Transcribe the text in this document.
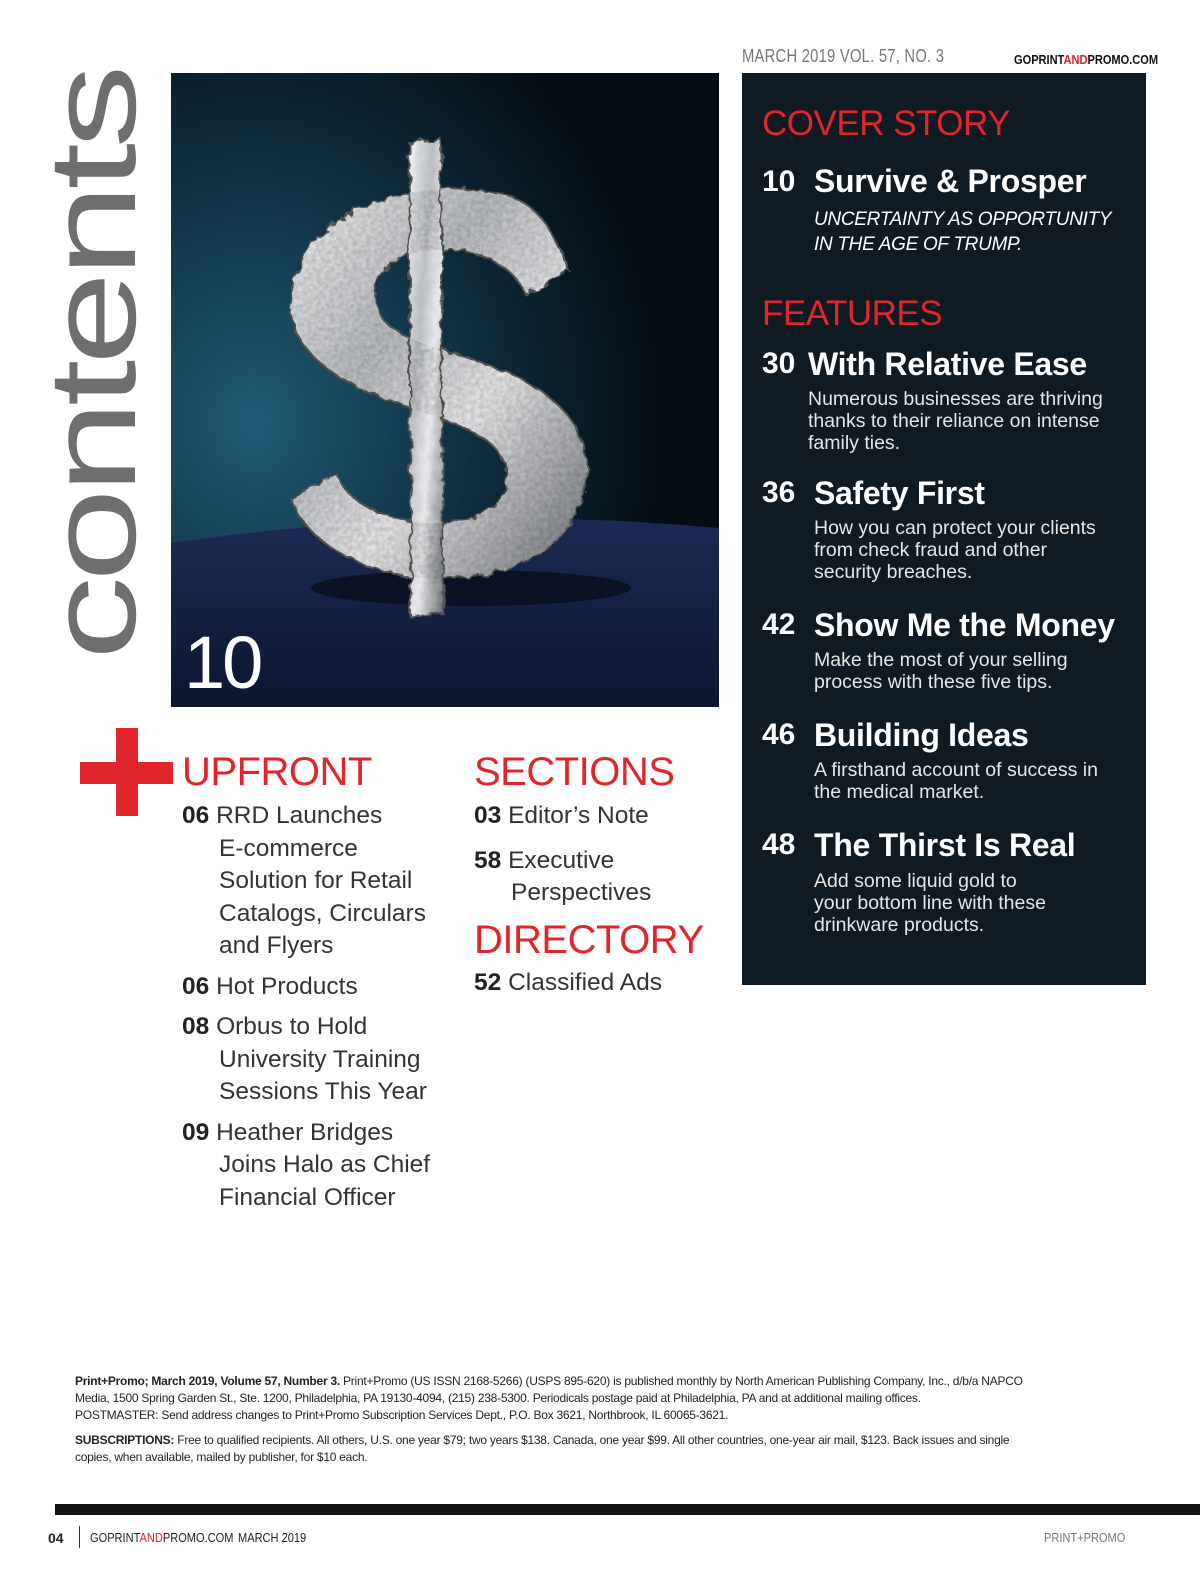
contents
MARCH 2019 VOL. 57, NO. 3	GOPRINTANDPROMO.COM
10
COVER STORY
10 Survive & Prosper
UNCERTAINTY AS OPPORTUNITY
IN THE AGE OF TRUMP.
FEATURES
30 With Relative Ease
Numerous businesses are thriving
thanks to their reliance on intense
family ties.
36 Safety First
How you can protect your clients
from check fraud and other
security breaches.
42 Show Me the Money
Make the most of your selling
process with these five tips.
46 Building Ideas
A firsthand account of success in
the medical market.
48 The Thirst Is Real
Add some liquid gold to
your bottom line with these
drinkware products.
UPFRONT
06 RRD Launches
E-commerce
Solution for Retail
Catalogs, Circulars
and Flyers
06 Hot Products
08 Orbus to Hold
University Training
Sessions This Year
09 Heather Bridges
Joins Halo as Chief
Financial Officer
SECTIONS
03 Editor’s Note
58 Executive
Perspectives
DIRECTORY
52 Classified Ads
Print+Promo; March 2019, Volume 57, Number 3. Print+Promo (US ISSN 2168-5266) (USPS 895-620) is published monthly by North American Publishing Company, Inc., d/b/a NAPCO
Media, 1500 Spring Garden St., Ste. 1200, Philadelphia, PA 19130-4094, (215) 238-5300. Periodicals postage paid at Philadelphia, PA and at additional mailing offices.
POSTMASTER: Send address changes to Print+Promo Subscription Services Dept., P.O. Box 3621, Northbrook, IL 60065-3621.
SUBSCRIPTIONS: Free to qualified recipients. All others, U.S. one year $79; two years $138. Canada, one year $99. All other countries, one-year air mail, $123. Back issues and single
copies, when available, mailed by publisher, for $10 each.
04 GOPRINTANDPROMO.COM MARCH 2019	PRINT+PROMO
